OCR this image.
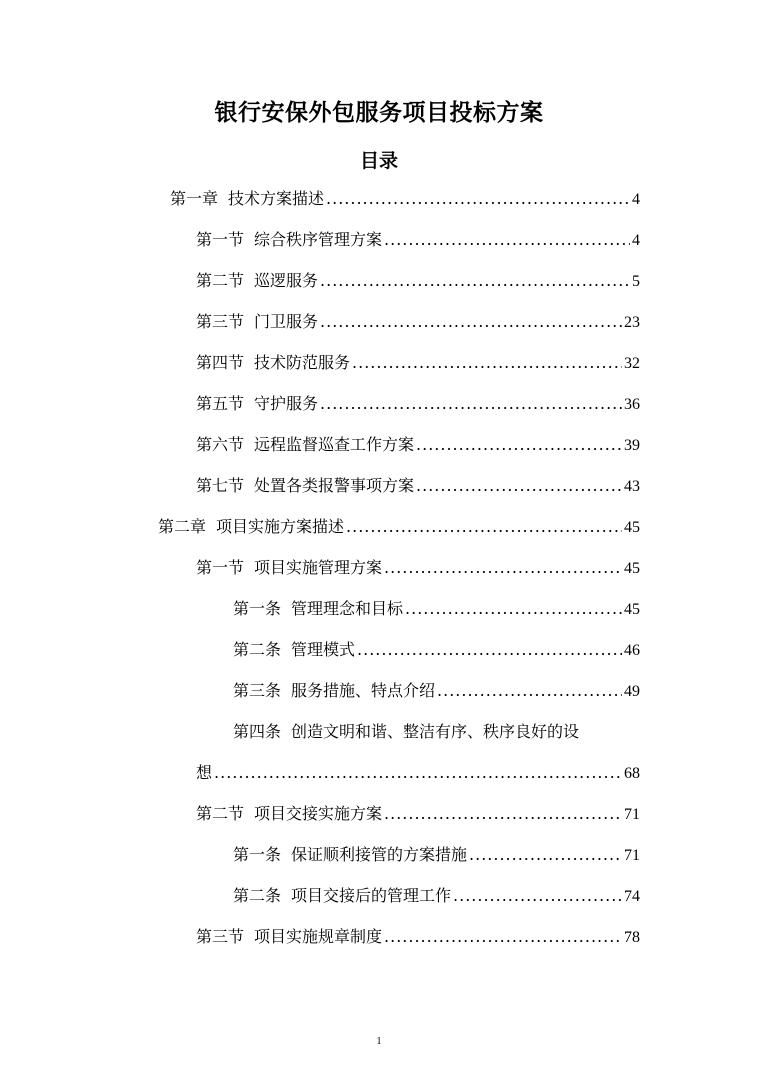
银行安保外包服务项目投标方案
目录
第一章 技术方案描述 .....	4
第一节 综合秩序管理方案 .....	4
第二节 巡逻服务 .....	5
第三节 门卫服务 .....	23
第四节 技术防范服务 .....	32
第五节 守护服务 .....	36
第六节 远程监督巡查工作方案 .....	39
第七节 处置各类报警事项方案 .....	43
第二章 项目实施方案描述 .....	45
第一节 项目实施管理方案 .....	45
第一条 管理理念和目标 .....	45
第二条 管理模式 .....	46
第三条 服务措施、特点介绍 .....	49
第四条 创造文明和谐、整洁有序、秩序良好的设
想 .....	68
第二节 项目交接实施方案 .....	71
第一条 保证顺利接管的方案措施 .....	71
第二条 项目交接后的管理工作 .....	74
第三节 项目实施规章制度 .....	78
1
